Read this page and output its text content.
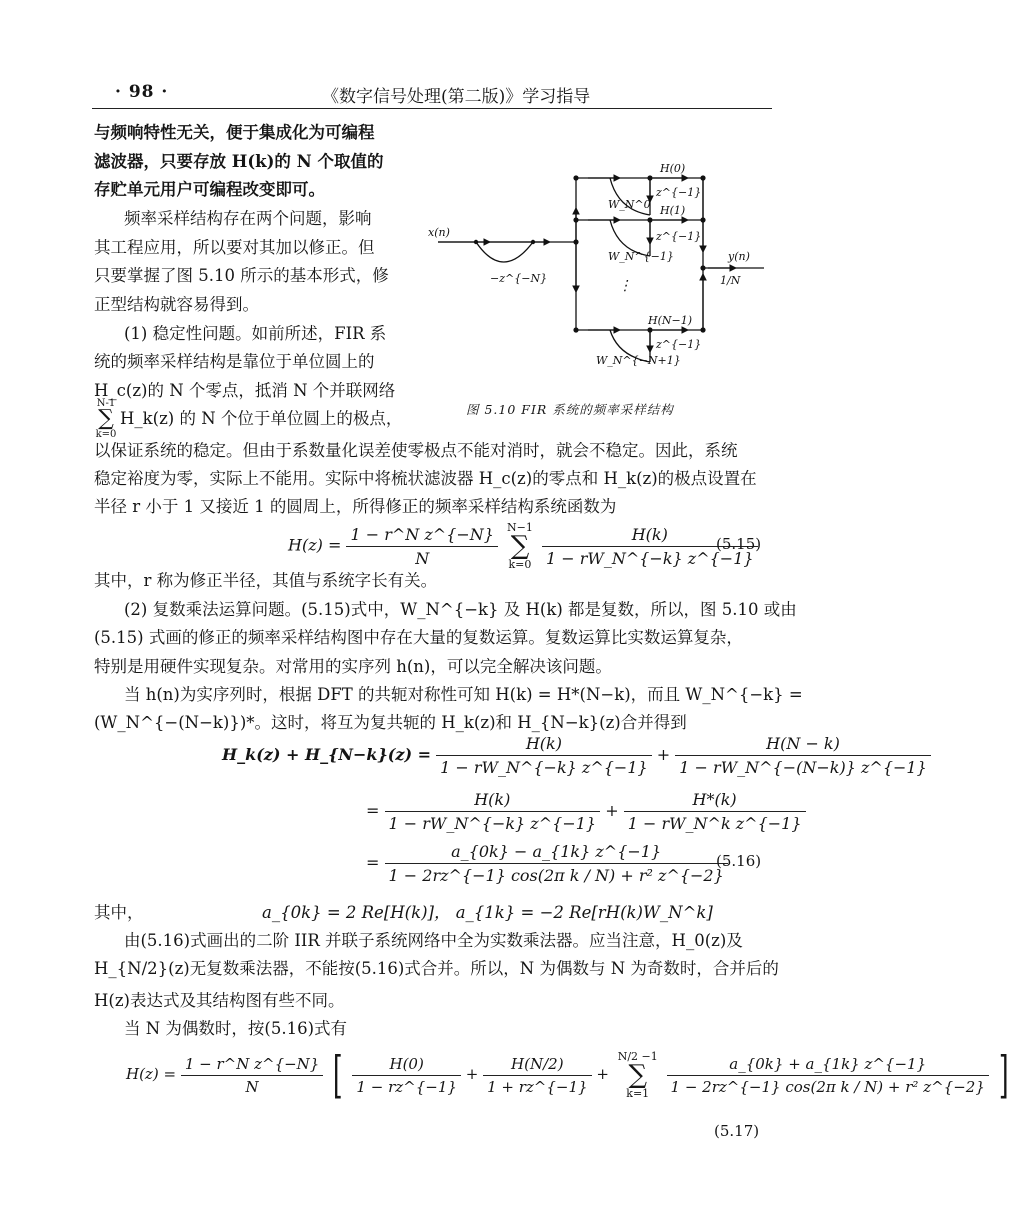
· 98 ·	《数字信号处理(第二版)》学习指导
与频响特性无关，便于集成化为可编程
滤波器，只要存放 H(k)的 N 个取值的
存贮单元用户可编程改变即可。
频率采样结构存在两个问题，影响
其工程应用，所以要对其加以修正。但
只要掌握了图 5.10 所示的基本形式，修
正型结构就容易得到。
(1) 稳定性问题。如前所述，FIR 系
统的频率采样结构是靠位于单位圆上的
H_c(z)的 N 个零点，抵消 N 个并联网络
N-1
∑
k=0
H_k(z) 的 N 个位于单位圆上的极点，
x(n)
y(n)
−z^{−N}	1/N
H(0)
H(1)
H(N−1)
z^{−1}
z^{−1}
z^{−1}
W_N^0
W_N^{−1}
W_N^{−N+1}
⋮
图 5.10 FIR 系统的频率采样结构
以保证系统的稳定。但由于系数量化误差使零极点不能对消时，就会不稳定。因此，系统
稳定裕度为零，实际上不能用。实际中将梳状滤波器 H_c(z)的零点和 H_k(z)的极点设置在
半径 r 小于 1 又接近 1 的圆周上，所得修正的频率采样结构系统函数为
$H(z) = \frac{\text{1 − r\textasciicircum{}N z\textasciicircum{}\{−N\}}}{N} N-1$
∑
$k=0 \frac{H(k)}{1 - rW\_N\^{}\{-k\} z\^{}\{-1\}}$
(5.15)
其中，r 称为修正半径，其值与系统字长有关。
(2) 复数乘法运算问题。(5.15)式中，W_N^{−k} 及 H(k) 都是复数，所以，图 5.10 或由
(5.15) 式画的修正的频率采样结构图中存在大量的复数运算。复数运算比实数运算复杂，
特别是用硬件实现复杂。对常用的实序列 h(n)，可以完全解决该问题。
当 h(n)为实序列时，根据 DFT 的共轭对称性可知 H(k) = H*(N−k)，而且 W_N^{−k} =
(W_N^{−(N−k)})*。这时，将互为复共轭的 H_k(z)和 H_{N−k}(z)合并得到
H_k(z) + H_{N−k}(z) = $\frac{H(k)}{1 - rW\_N\^{}\{-k\} z\^{}\{-1\}} + \frac{H(N - k)}{1 - rW\_N\^{}\{-(N-k)\} z\^{}\{-1\}}$
= $\frac{H(k)}{1 - rW\_N\^{}\{-k\} z\^{}\{-1\}} + \frac{H*(k)}{\text{1 − rW\_N\textasciicircum{}k z\textasciicircum{}\{−1\}}}$
= $\frac{a\_\{0k\} - a\_\{1k\} z\^{}\{-1\}}{\text{1 − 2rz\textasciicircum{}\{−1\} cos(2π k / N) + r² z\textasciicircum{}\{−2\}}}$
(5.16)
其中，	a_{0k} = 2 Re[H(k)]， a_{1k} = −2 Re[rH(k)W_N^k]
由(5.16)式画出的二阶 IIR 并联子系统网络中全为实数乘法器。应当注意，H_0(z)及
H_{N/2}(z)无复数乘法器，不能按(5.16)式合并。所以，N 为偶数与 N 为奇数时，合并后的
H(z)表达式及其结构图有些不同。
当 N 为偶数时，按(5.16)式有
$H(z) = \frac{\text{1 − r\textasciicircum{}N z\textasciicircum{}\{−N\}}}{N}$ [ $\frac{H(0)}{1 - rz\^{}\{-1\}} + \frac{H(N/2)}{1 + rz\^{}\{-1\}} + N/2 -1$
∑
$k=1 \frac{a\_\{0k\} + a\_\{1k\} z\^{}\{-1\}}{\text{1 − 2rz\textasciicircum{}\{−1\} cos(2π k / N) + r² z\textasciicircum{}\{−2\}}}$ ]
(5.17)
